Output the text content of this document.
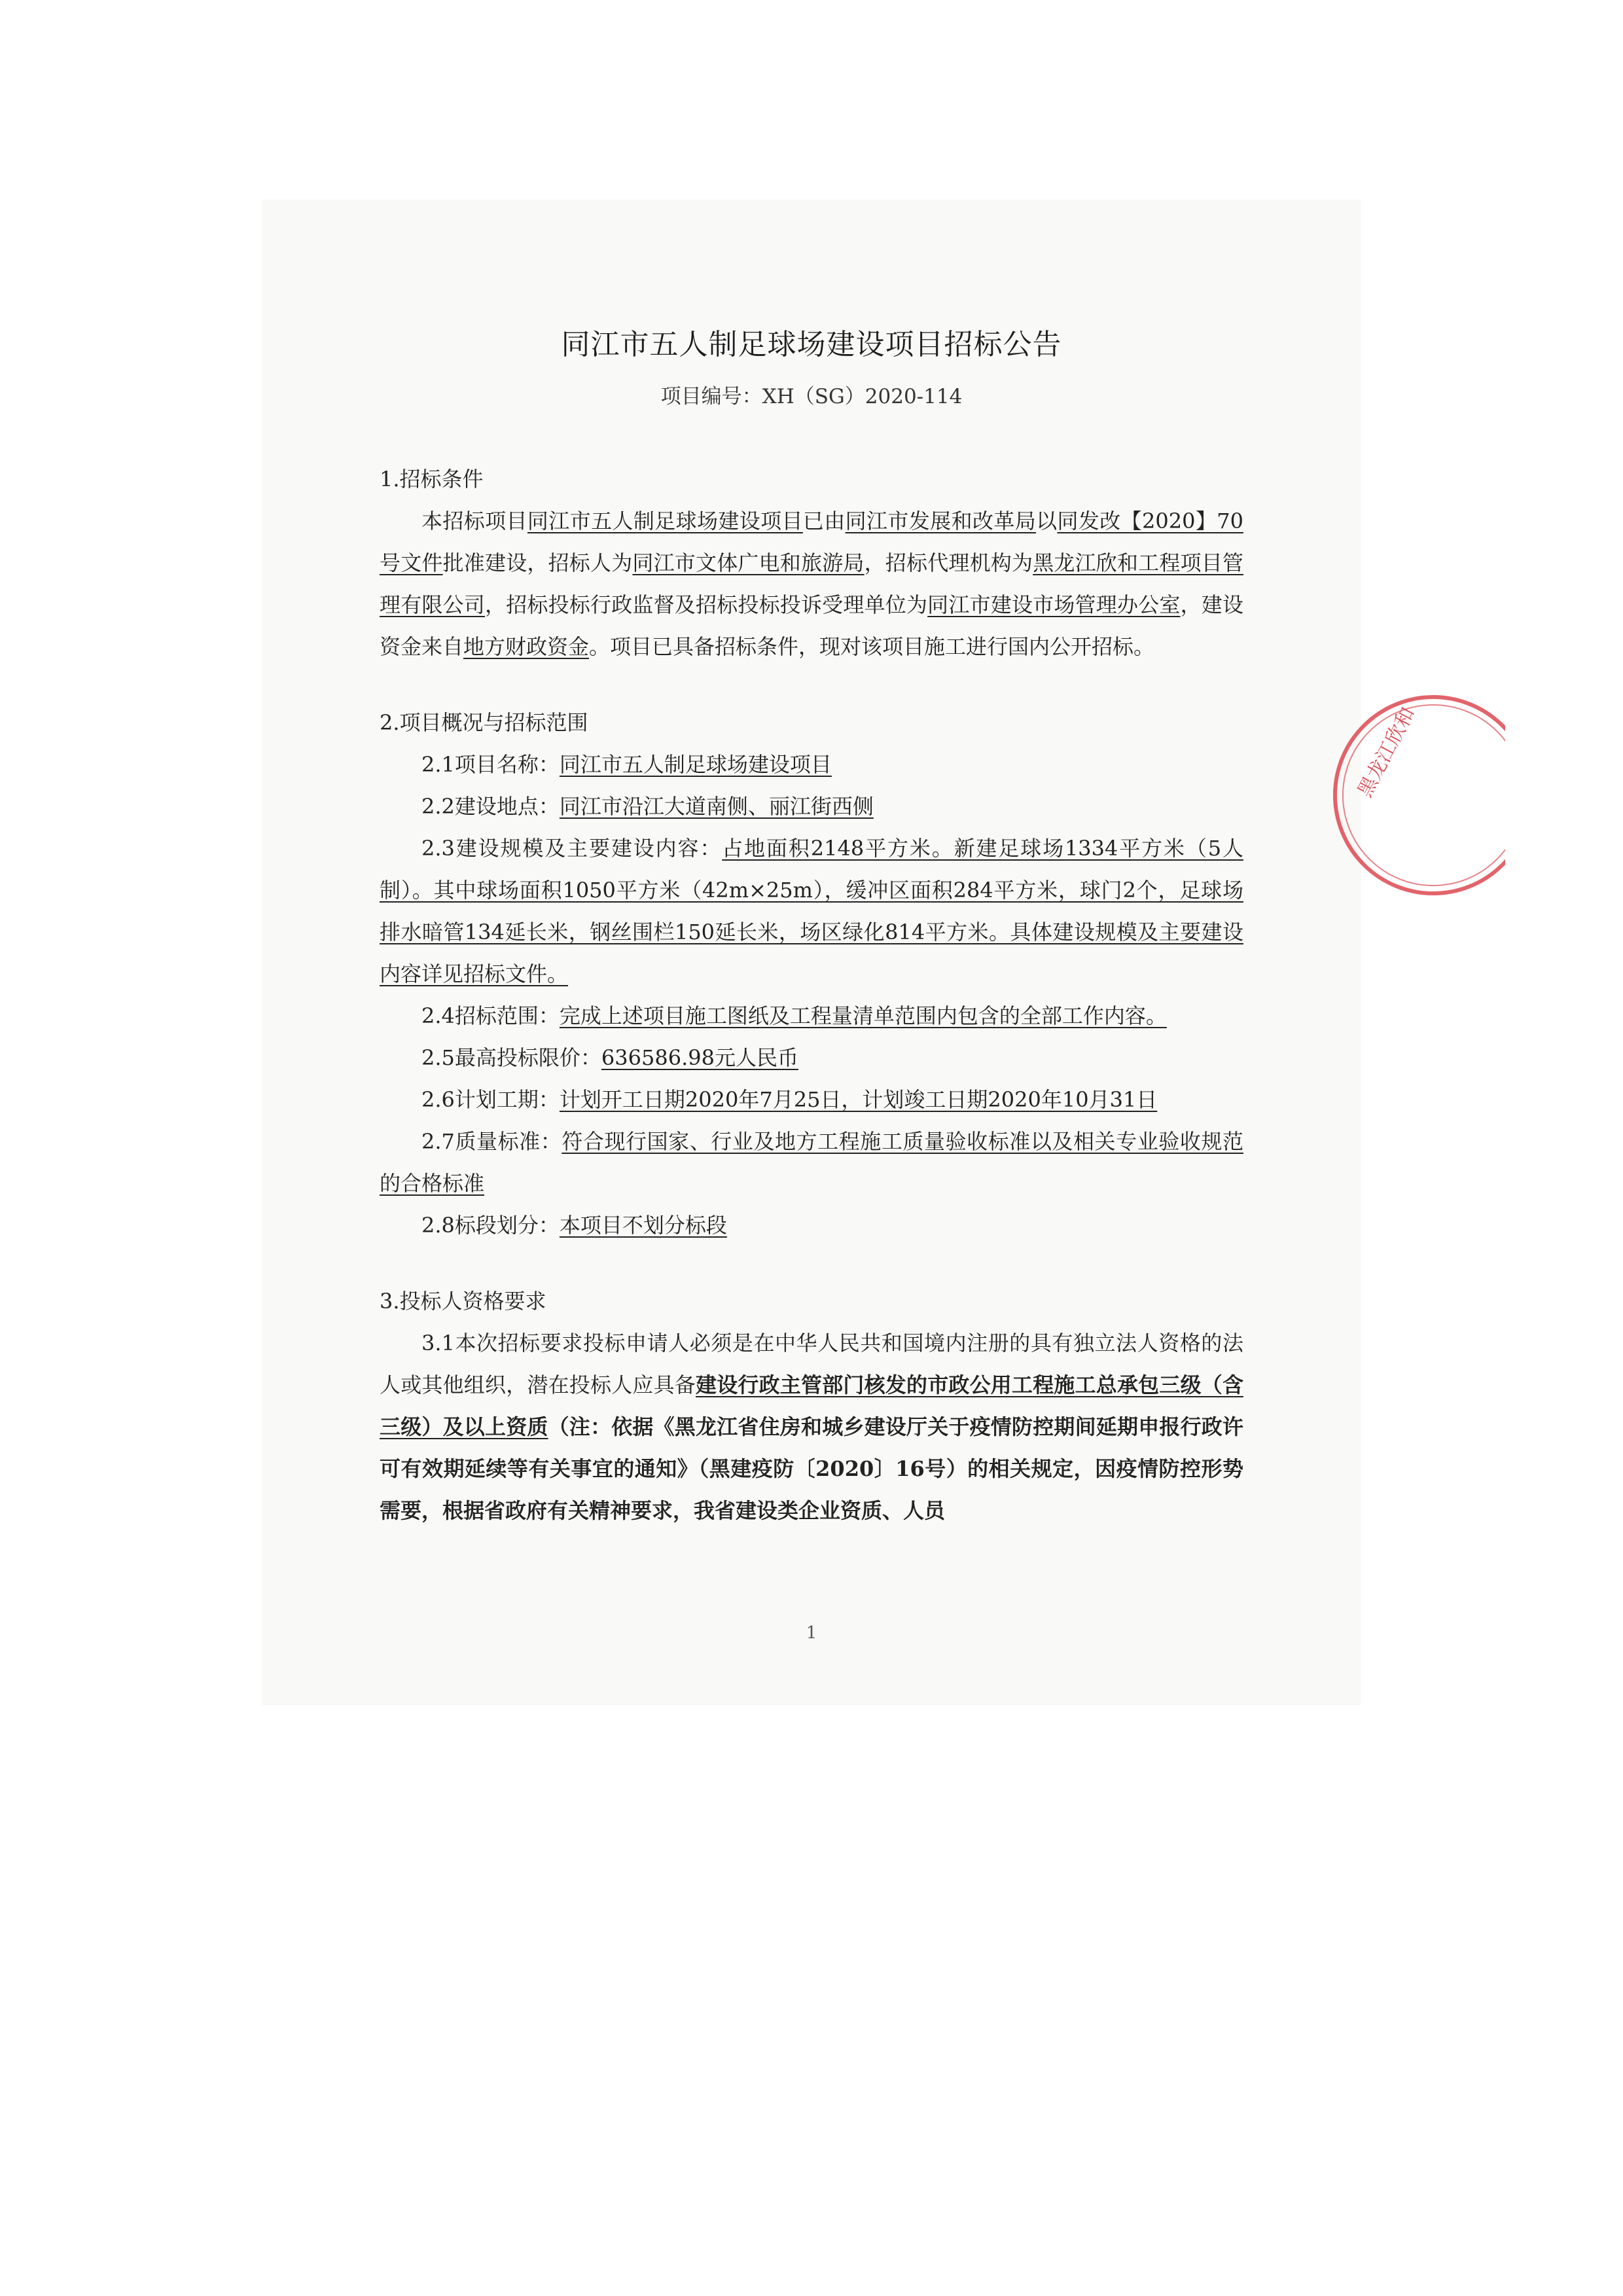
黑龙江欣和
同江市五人制足球场建设项目招标公告
项目编号：XH（SG）2020-114

1.招标条件

本招标项目同江市五人制足球场建设项目已由同江市发展和改革局以同发改【2020】70号文件批准建设，招标人为同江市文体广电和旅游局，招标代理机构为黑龙江欣和工程项目管理有限公司，招标投标行政监督及招标投标投诉受理单位为同江市建设市场管理办公室，建设资金来自地方财政资金。项目已具备招标条件，现对该项目施工进行国内公开招标。

2.项目概况与招标范围

2.1项目名称：同江市五人制足球场建设项目

2.2建设地点：同江市沿江大道南侧、丽江街西侧

2.3建设规模及主要建设内容：占地面积2148平方米。新建足球场1334平方米（5人制）。其中球场面积1050平方米（42m×25m），缓冲区面积284平方米，球门2个，足球场排水暗管134延长米，钢丝围栏150延长米，场区绿化814平方米。具体建设规模及主要建设内容详见招标文件。

2.4招标范围：完成上述项目施工图纸及工程量清单范围内包含的全部工作内容。

2.5最高投标限价：636586.98元人民币

2.6计划工期：计划开工日期2020年7月25日，计划竣工日期2020年10月31日

2.7质量标准：符合现行国家、行业及地方工程施工质量验收标准以及相关专业验收规范的合格标准

2.8标段划分：本项目不划分标段

3.投标人资格要求

3.1本次招标要求投标申请人必须是在中华人民共和国境内注册的具有独立法人资格的法人或其他组织，潜在投标人应具备建设行政主管部门核发的市政公用工程施工总承包三级（含三级）及以上资质（注：依据《黑龙江省住房和城乡建设厅关于疫情防控期间延期申报行政许可有效期延续等有关事宜的通知》（黑建疫防〔2020〕16号）的相关规定，因疫情防控形势需要，根据省政府有关精神要求，我省建设类企业资质、人员

1
